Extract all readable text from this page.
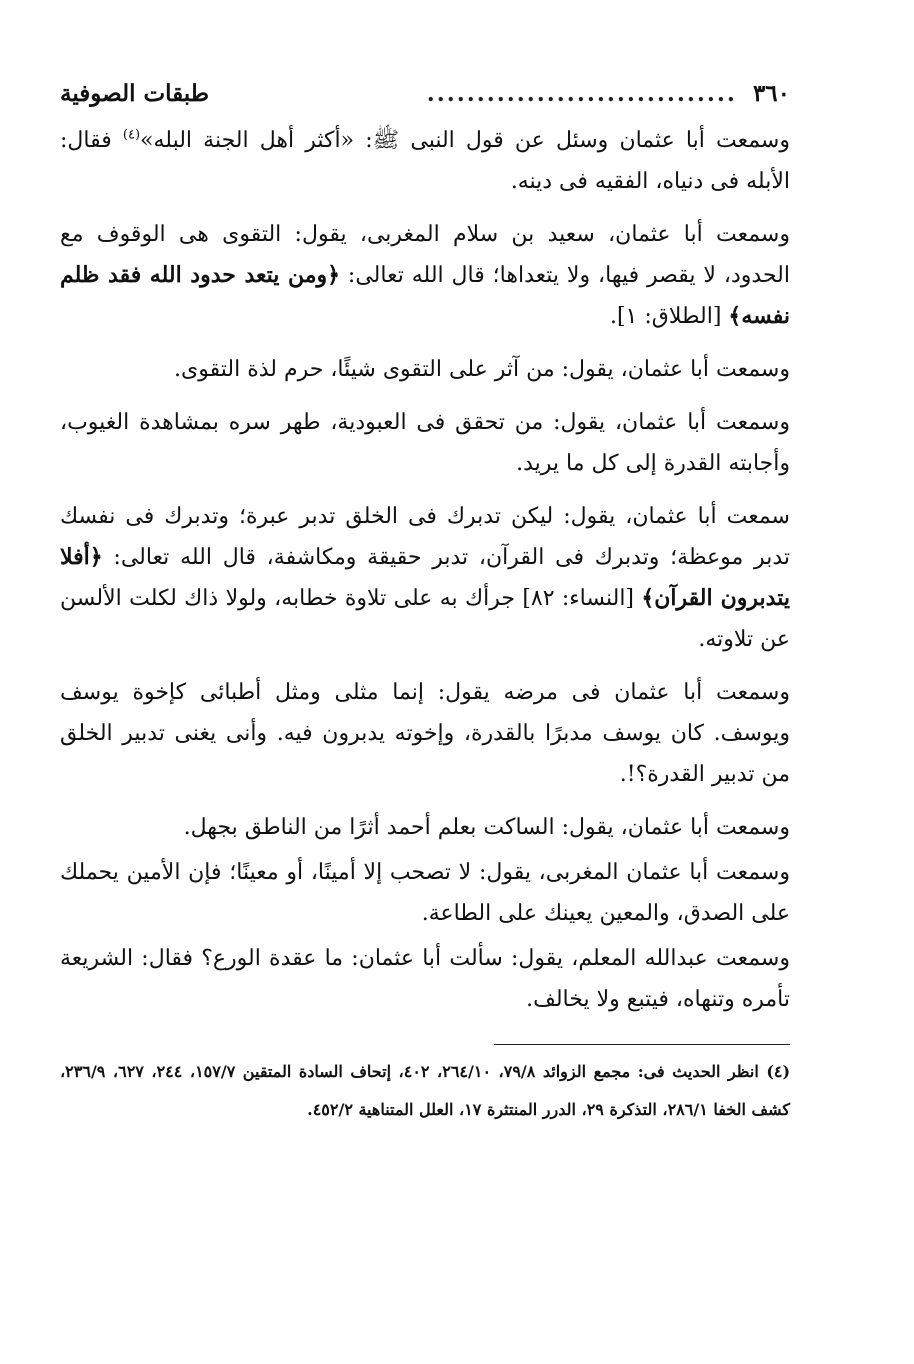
٣٦٠
...............................
طبقات الصوفية

وسمعت أبا عثمان وسئل عن قول النبى ﷺ: «أكثر أهل الجنة البله»$^{(٤)}$ فقال: الأبله فى دنياه، الفقيه فى دينه.

وسمعت أبا عثمان، سعيد بن سلام المغربى، يقول: التقوى هى الوقوف مع الحدود، لا يقصر فيها، ولا يتعداها؛ قال الله تعالى: ﴿ومن يتعد حدود الله فقد ظلم نفسه﴾ [الطلاق: ١].

وسمعت أبا عثمان، يقول: من آثر على التقوى شيئًا، حرم لذة التقوى.

وسمعت أبا عثمان، يقول: من تحقق فى العبودية، طهر سره بمشاهدة الغيوب، وأجابته القدرة إلى كل ما يريد.

سمعت أبا عثمان، يقول: ليكن تدبرك فى الخلق تدبر عبرة؛ وتدبرك فى نفسك تدبر موعظة؛ وتدبرك فى القرآن، تدبر حقيقة ومكاشفة، قال الله تعالى: ﴿أفلا يتدبرون القرآن﴾ [النساء: ٨٢] جرأك به على تلاوة خطابه، ولولا ذاك لكلت الألسن عن تلاوته.

وسمعت أبا عثمان فى مرضه يقول: إنما مثلى ومثل أطبائى كإخوة يوسف ويوسف. كان يوسف مدبرًا بالقدرة، وإخوته يدبرون فيه. وأنى يغنى تدبير الخلق من تدبير القدرة؟!.

وسمعت أبا عثمان، يقول: الساكت بعلم أحمد أثرًا من الناطق بجهل.

وسمعت أبا عثمان المغربى، يقول: لا تصحب إلا أمينًا، أو معينًا؛ فإن الأمين يحملك على الصدق، والمعين يعينك على الطاعة.

وسمعت عبدالله المعلم، يقول: سألت أبا عثمان: ما عقدة الورع؟ فقال: الشريعة تأمره وتنهاه، فيتبع ولا يخالف.

(٤) انظر الحديث فى: مجمع الزوائد ٧٩/٨، ٢٦٤/١٠، ٤٠٢، إتحاف السادة المتقين ١٥٧/٧، ٢٤٤، ٦٢٧، ٢٣٦/٩، كشف الخفا ٢٨٦/١، التذكرة ٢٩، الدرر المنتثرة ١٧، العلل المتناهية ٤٥٢/٢.
